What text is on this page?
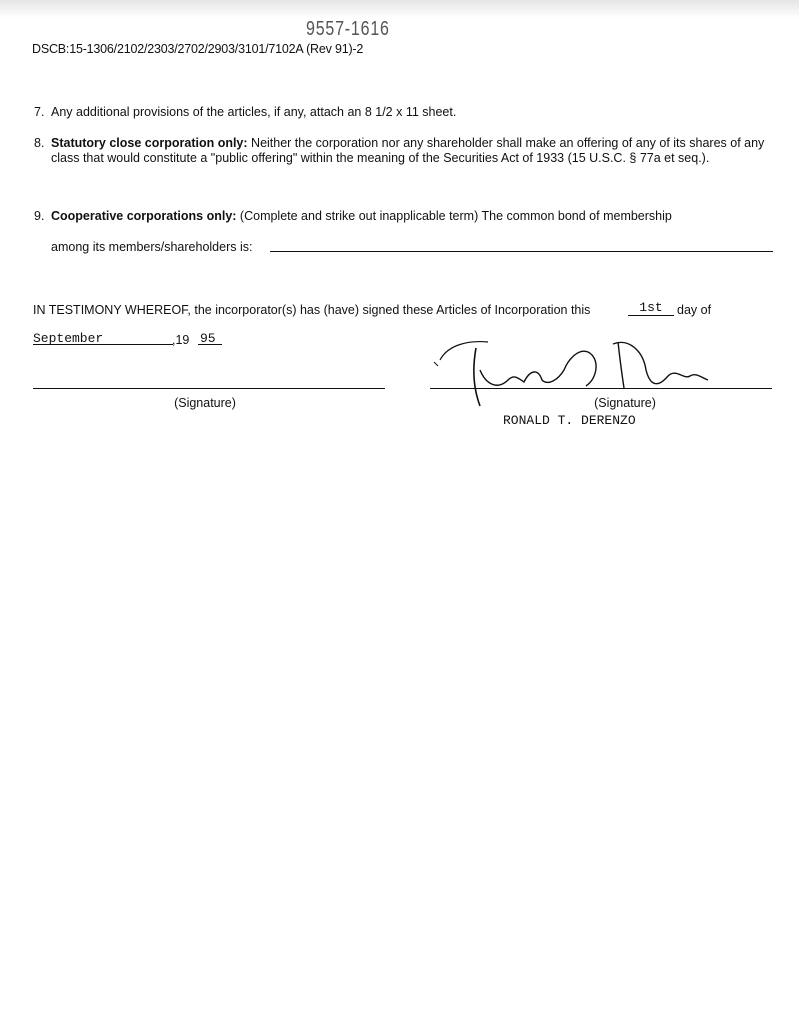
9557-1616
DSCB:15-1306/2102/2303/2702/2903/3101/7102A (Rev 91)-2
7. Any additional provisions of the articles, if any, attach an 8 1/2 x 11 sheet.
8. Statutory close corporation only: Neither the corporation nor any shareholder shall make an offering of any of its shares of any class that would constitute a "public offering" within the meaning of the Securities Act of 1933 (15 U.S.C. § 77a et seq.).
9. Cooperative corporations only: (Complete and strike out inapplicable term) The common bond of membership
among its members/shareholders is:
IN TESTIMONY WHEREOF, the incorporator(s) has (have) signed these Articles of Incorporation this	1st	day of
September	,19 95
(Signature)	(Signature)
RONALD T. DERENZO
